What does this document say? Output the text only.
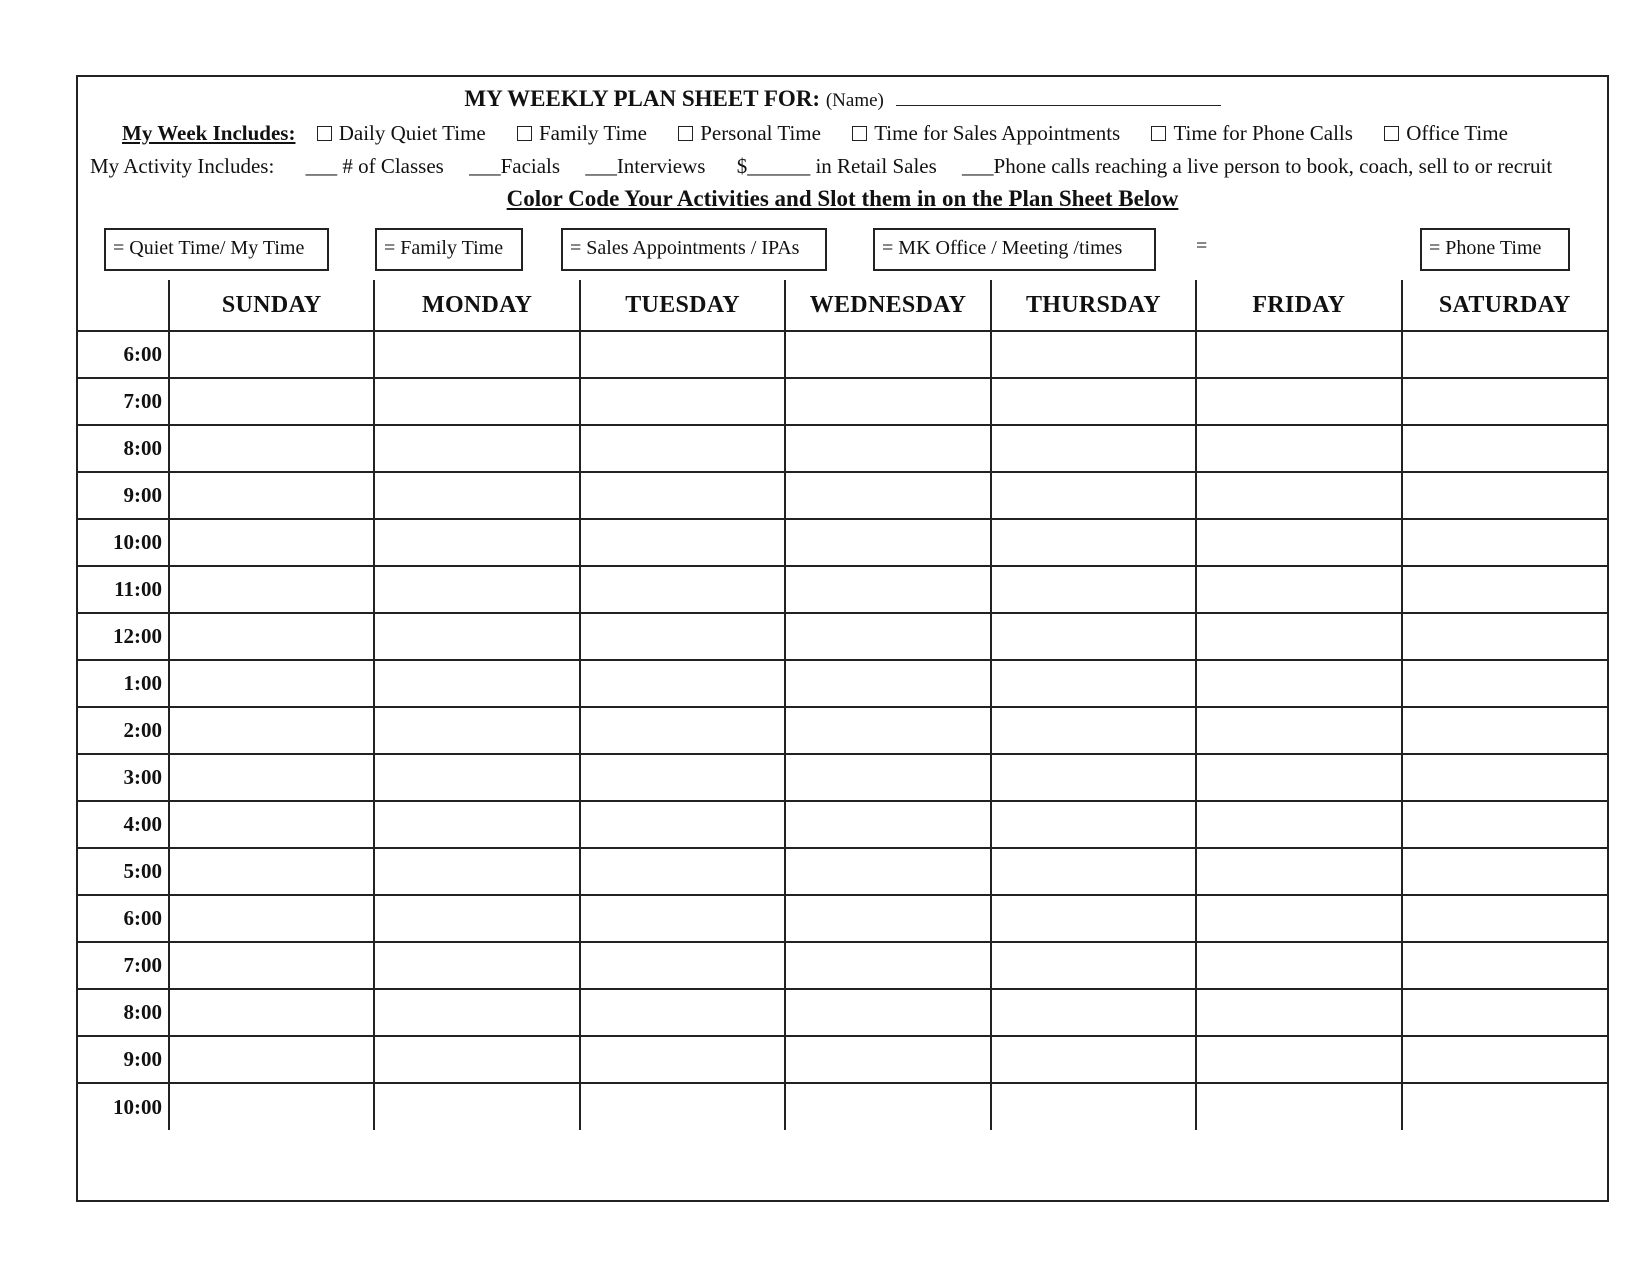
MY WEEKLY PLAN SHEET FOR: (Name)
My Week Includes: Daily Quiet Time	Family Time	Personal Time	Time for Sales Appointments	Time for Phone Calls	Office Time
My Activity Includes: ___ # of Classes ___Facials ___Interviews $______ in Retail Sales ___Phone calls reaching a live person to book, coach, sell to or recruit
Color Code Your Activities and Slot them in on the Plan Sheet Below
= Quiet Time/ My Time	= Family Time	= Sales Appointments / IPAs	= MK Office / Meeting /times	=	= Phone Time
	SUNDAY	MONDAY	TUESDAY	WEDNESDAY	THURSDAY	FRIDAY	SATURDAY
6:00							
7:00							
8:00							
9:00							
10:00							
11:00							
12:00							
1:00							
2:00							
3:00							
4:00							
5:00							
6:00							
7:00							
8:00							
9:00							
10:00							
